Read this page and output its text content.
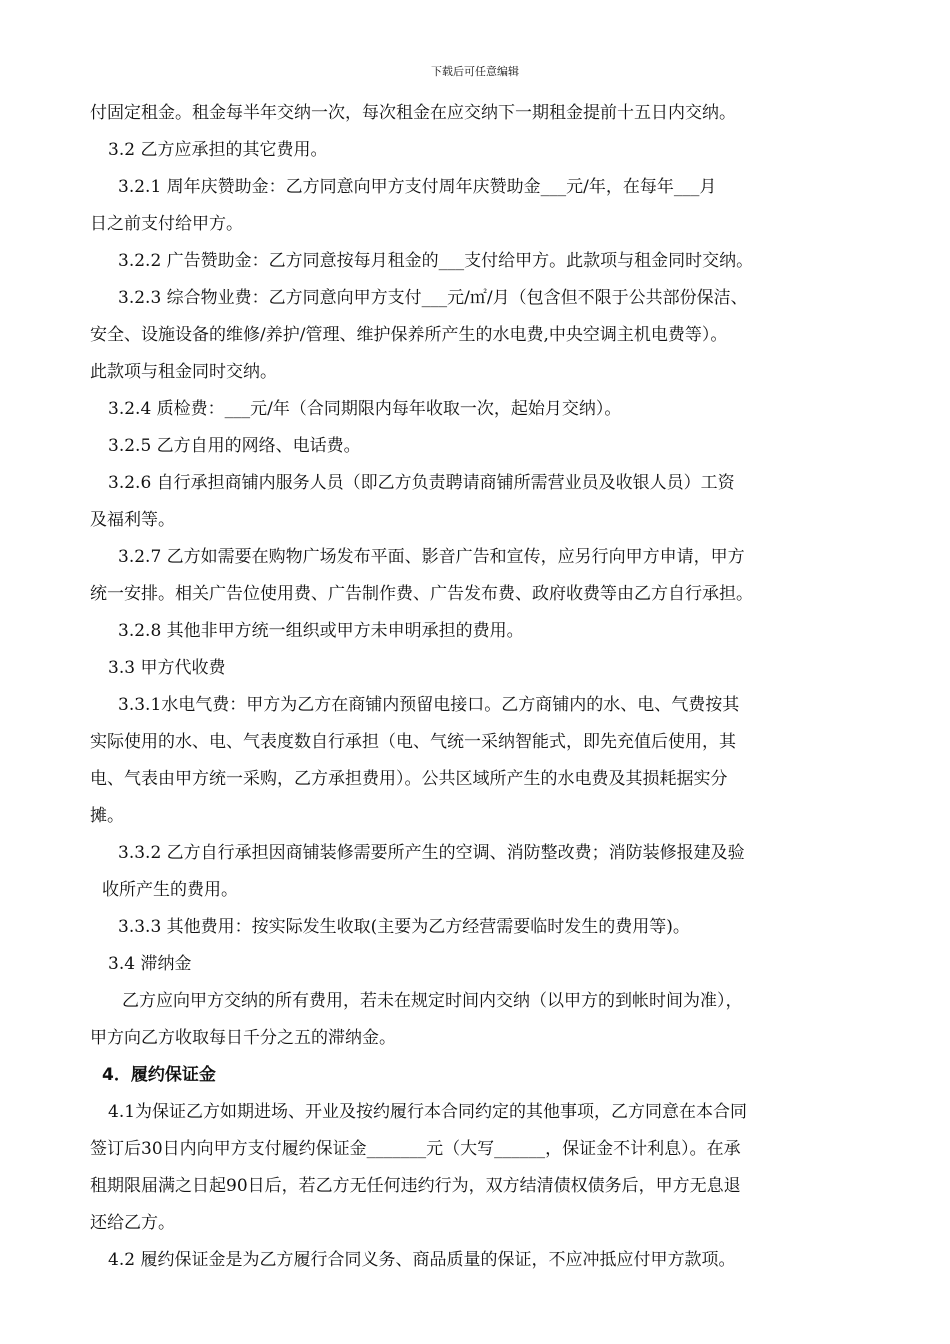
下载后可任意编辑

付固定租金。租金每半年交纳一次，每次租金在应交纳下一期租金提前十五日内交纳。

3.2 乙方应承担的其它费用。

3.2.1 周年庆赞助金：乙方同意向甲方支付周年庆赞助金___元/年，在每年___月

日之前支付给甲方。

3.2.2 广告赞助金：乙方同意按每月租金的___支付给甲方。此款项与租金同时交纳。

3.2.3 综合物业费：乙方同意向甲方支付___元/㎡/月（包含但不限于公共部份保洁、

安全、设施设备的维修/养护/管理、维护保养所产生的水电费,中央空调主机电费等）。

此款项与租金同时交纳。

3.2.4 质检费：___元/年（合同期限内每年收取一次，起始月交纳）。

3.2.5 乙方自用的网络、电话费。

3.2.6 自行承担商铺内服务人员（即乙方负责聘请商铺所需营业员及收银人员）工资

及福利等。

3.2.7 乙方如需要在购物广场发布平面、影音广告和宣传，应另行向甲方申请，甲方

统一安排。相关广告位使用费、广告制作费、广告发布费、政府收费等由乙方自行承担。

3.2.8 其他非甲方统一组织或甲方未申明承担的费用。

3.3 甲方代收费

3.3.1水电气费：甲方为乙方在商铺内预留电接口。乙方商铺内的水、电、气费按其

实际使用的水、电、气表度数自行承担（电、气统一采纳智能式，即先充值后使用，其

电、气表由甲方统一采购，乙方承担费用）。公共区域所产生的水电费及其损耗据实分

摊。

3.3.2 乙方自行承担因商铺装修需要所产生的空调、消防整改费；消防装修报建及验

收所产生的费用。

3.3.3 其他费用：按实际发生收取(主要为乙方经营需要临时发生的费用等)。

3.4 滞纳金

乙方应向甲方交纳的所有费用，若未在规定时间内交纳（以甲方的到帐时间为准），

甲方向乙方收取每日千分之五的滞纳金。

4．履约保证金

4.1为保证乙方如期进场、开业及按约履行本合同约定的其他事项，乙方同意在本合同

签订后30日内向甲方支付履约保证金_______元（大写______，保证金不计利息）。在承

租期限届满之日起90日后，若乙方无任何违约行为，双方结清债权债务后，甲方无息退

还给乙方。

4.2 履约保证金是为乙方履行合同义务、商品质量的保证，不应冲抵应付甲方款项。
